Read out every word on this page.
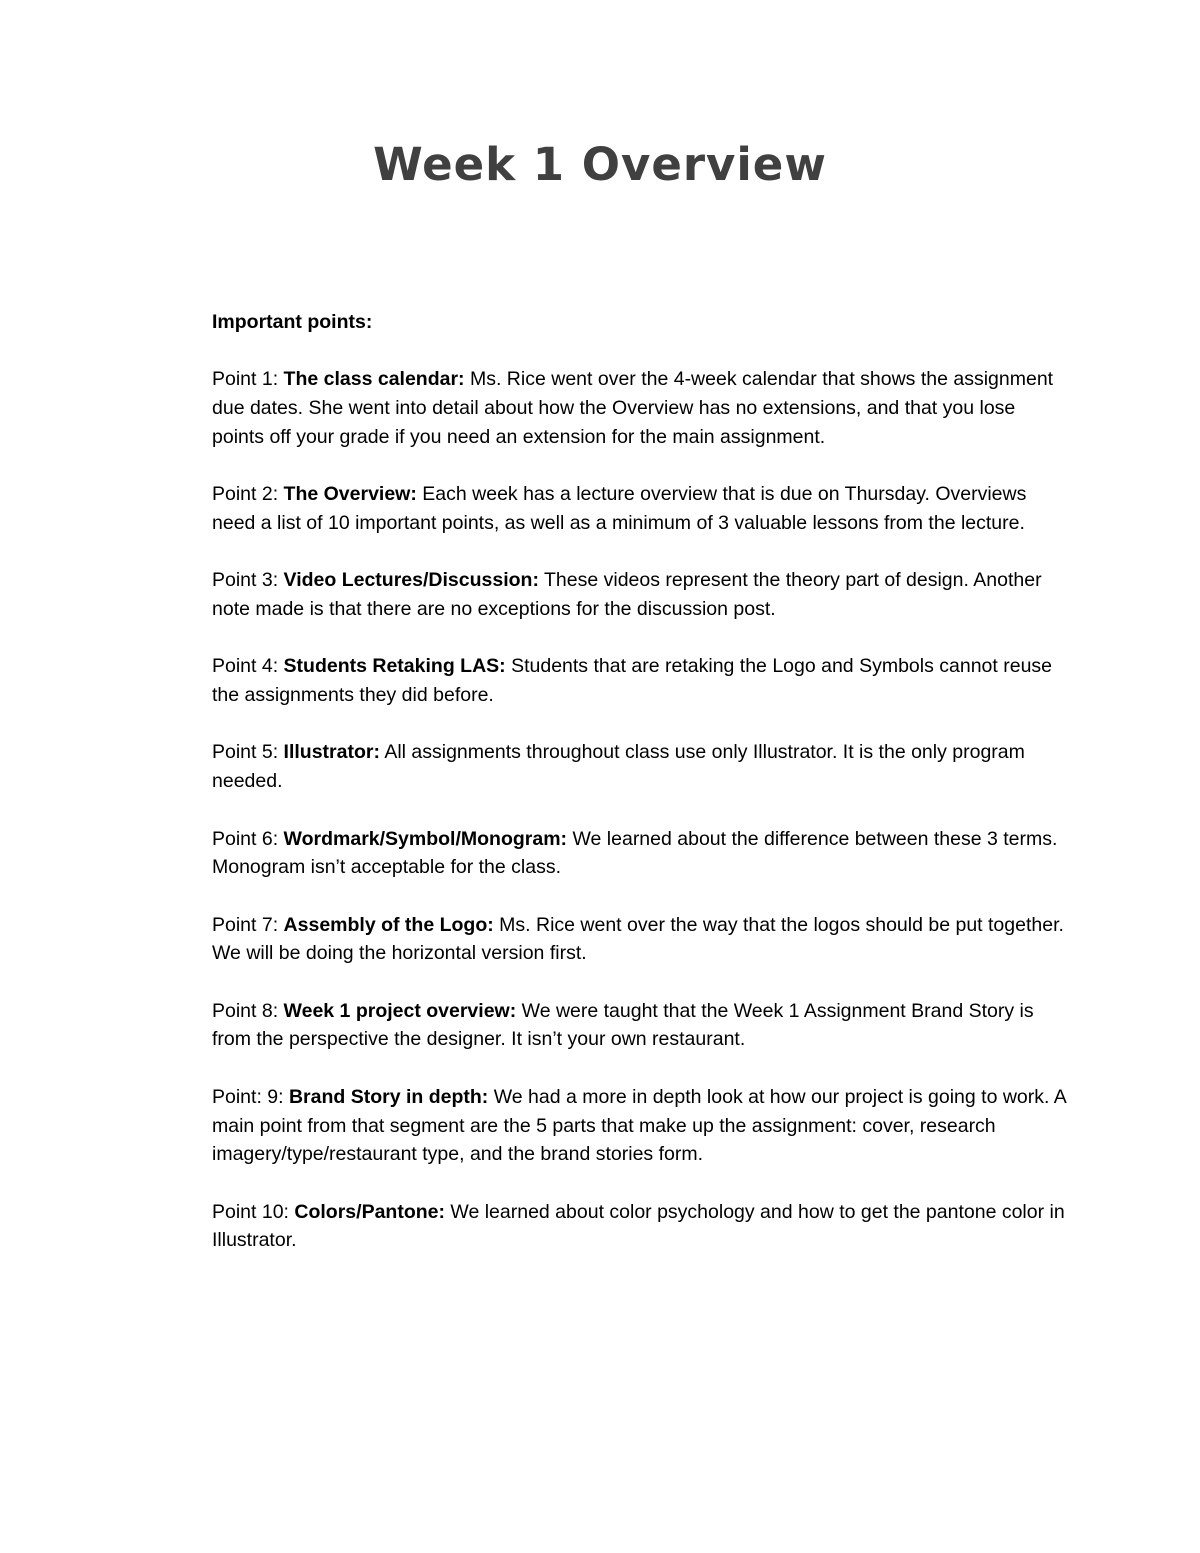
Week 1 Overview

Important points:

Point 1: The class calendar: Ms. Rice went over the 4-week calendar that shows the assignment due dates. She went into detail about how the Overview has no extensions, and that you lose points off your grade if you need an extension for the main assignment.

Point 2: The Overview: Each week has a lecture overview that is due on Thursday. Overviews need a list of 10 important points, as well as a minimum of 3 valuable lessons from the lecture.

Point 3: Video Lectures/Discussion: These videos represent the theory part of design. Another note made is that there are no exceptions for the discussion post.

Point 4: Students Retaking LAS: Students that are retaking the Logo and Symbols cannot reuse the assignments they did before.

Point 5: Illustrator: All assignments throughout class use only Illustrator. It is the only program needed.

Point 6: Wordmark/Symbol/Monogram: We learned about the difference between these 3 terms. Monogram isn’t acceptable for the class.

Point 7: Assembly of the Logo: Ms. Rice went over the way that the logos should be put together. We will be doing the horizontal version first.

Point 8: Week 1 project overview: We were taught that the Week 1 Assignment Brand Story is from the perspective the designer. It isn’t your own restaurant.

Point: 9: Brand Story in depth: We had a more in depth look at how our project is going to work. A main point from that segment are the 5 parts that make up the assignment: cover, research imagery/type/restaurant type, and the brand stories form.

Point 10: Colors/Pantone: We learned about color psychology and how to get the pantone color in Illustrator.
